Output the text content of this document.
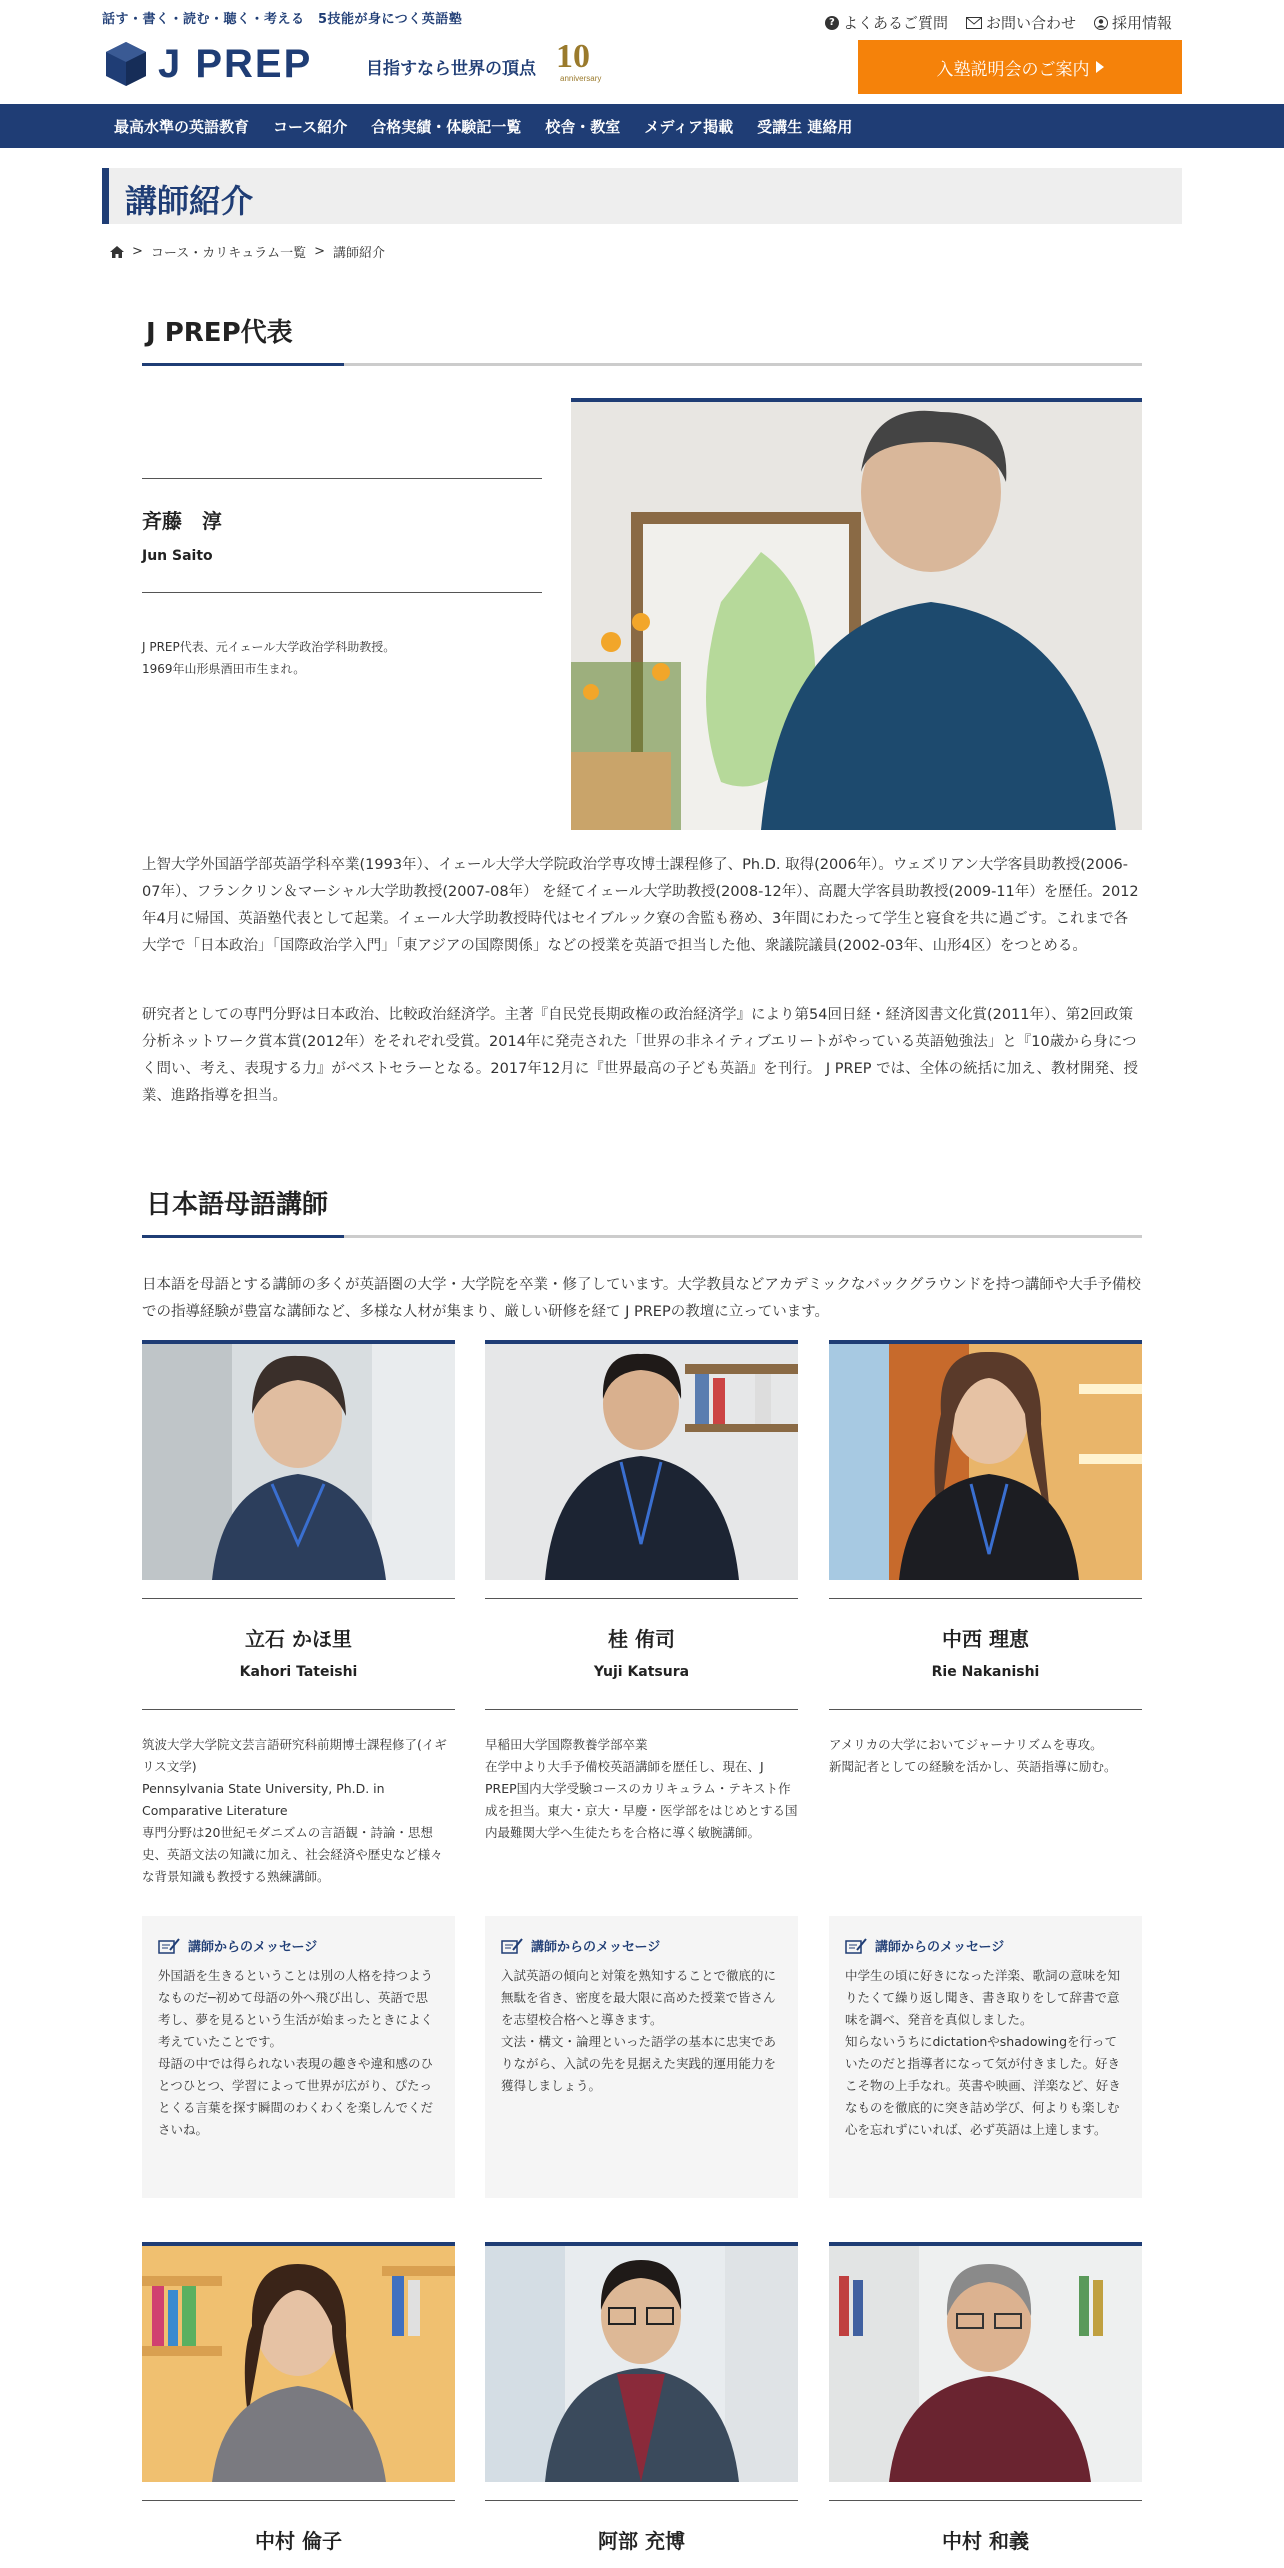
話す・書く・読む・聴く・考える　5技能が身につく英語塾
J PREP	目指すなら世界の頂点 10
anniversary
? よくあるご質問	お問い合わせ 採用情報
入塾説明会のご案内
最高水準の英語教育 コース紹介 合格実績・体験記一覧 校舎・教室 メディア掲載 受講生 連絡用
講師紹介
> コース・カリキュラム一覧 > 講師紹介
J PREP代表
斉藤　淳
Jun Saito
J PREP代表、元イェール大学政治学科助教授。
1969年山形県酒田市生まれ。
上智大学外国語学部英語学科卒業(1993年）、イェール大学大学院政治学専攻博士課程修了、Ph.D. 取得(2006年）。ウェズリアン大学客員助教授(2006-07年）、フランクリン＆マーシャル大学助教授(2007-08年） を経てイェール大学助教授(2008-12年）、高麗大学客員助教授(2009-11年）を歴任。2012年4月に帰国、英語塾代表として起業。イェール大学助教授時代はセイブルック寮の舎監も務め、3年間にわたって学生と寝食を共に過ごす。これまで各大学で「日本政治」「国際政治学入門」「東アジアの国際関係」などの授業を英語で担当した他、衆議院議員(2002-03年、山形4区）をつとめる。
研究者としての専門分野は日本政治、比較政治経済学。主著『自民党長期政権の政治経済学』により第54回日経・経済図書文化賞(2011年）、第2回政策分析ネットワーク賞本賞(2012年）をそれぞれ受賞。2014年に発売された「世界の非ネイティブエリートがやっている英語勉強法」と『10歳から身につく問い、考え、表現する力』がベストセラーとなる。2017年12月に『世界最高の子ども英語』を刊行。 J PREP では、全体の統括に加え、教材開発、授業、進路指導を担当。
日本語母語講師
日本語を母語とする講師の多くが英語圏の大学・大学院を卒業・修了しています。大学教員などアカデミックなバックグラウンドを持つ講師や大手予備校での指導経験が豊富な講師など、多様な人材が集まり、厳しい研修を経て J PREPの教壇に立っています。
立石 かほ里
Kahori Tateishi
筑波大学大学院文芸言語研究科前期博士課程修了(イギリス文学)
Pennsylvania State University, Ph.D. in Comparative Literature
専門分野は20世紀モダニズムの言語観・詩論・思想史、英語文法の知識に加え、社会経済や歴史など様々な背景知識も教授する熟練講師。
講師からのメッセージ
外国語を生きるということは別の人格を持つようなものだ─初めて母語の外へ飛び出し、英語で思考し、夢を見るという生活が始まったときによく考えていたことです。
母語の中では得られない表現の趣きや違和感のひとつひとつ、学習によって世界が広がり、ぴたっとくる言葉を探す瞬間のわくわくを楽しんでくださいね。
桂 侑司
Yuji Katsura
早稲田大学国際教養学部卒業
在学中より大手予備校英語講師を歴任し、現在、J PREP国内大学受験コースのカリキュラム・テキスト作成を担当。東大・京大・早慶・医学部をはじめとする国内最難関大学へ生徒たちを合格に導く敏腕講師。
講師からのメッセージ
入試英語の傾向と対策を熟知することで徹底的に無駄を省き、密度を最大限に高めた授業で皆さんを志望校合格へと導きます。
文法・構文・論理といった語学の基本に忠実でありながら、入試の先を見据えた実践的運用能力を獲得しましょう。
中西 理恵
Rie Nakanishi
アメリカの大学においてジャーナリズムを専攻。
新聞記者としての経験を活かし、英語指導に励む。
講師からのメッセージ
中学生の頃に好きになった洋楽、歌詞の意味を知りたくて繰り返し聞き、書き取りをして辞書で意味を調べ、発音を真似しました。
知らないうちにdictationやshadowingを行っていたのだと指導者になって気が付きました。好きこそ物の上手なれ。英書や映画、洋楽など、好きなものを徹底的に突き詰め学び、何よりも楽しむ心を忘れずにいれば、必ず英語は上達します。
中村 倫子	阿部 充博	中村 和義
